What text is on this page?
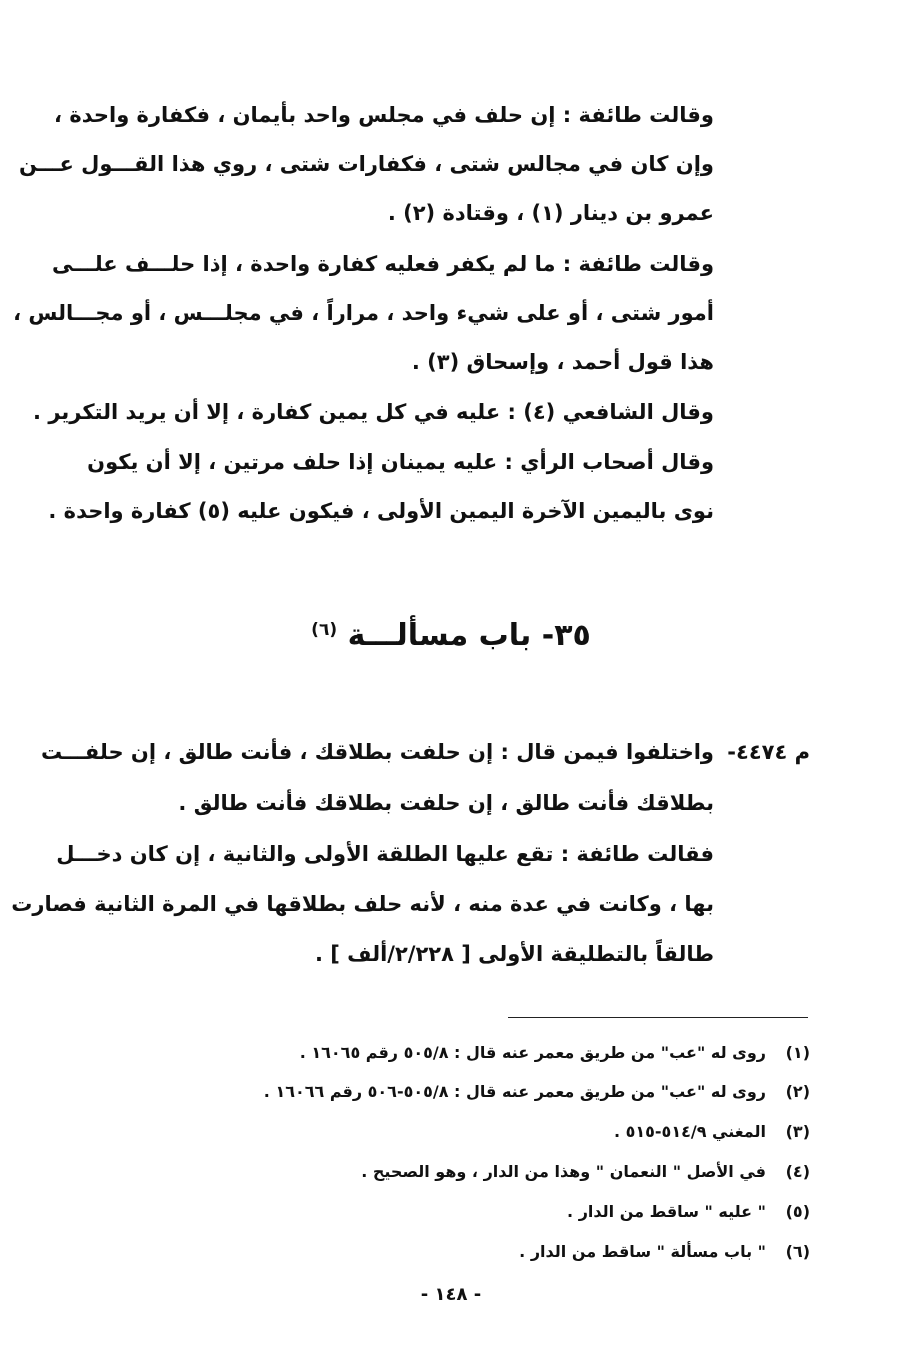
وقالت طائفة : إن حلف في مجلس واحد بأيمان ، فكفارة واحدة ،
وإن كان في مجالس شتى ، فكفارات شتى ، روي هذا القـــول عـــن
عمرو بن دينار (١) ، وقتادة (٢) .
وقالت طائفة : ما لم يكفر فعليه كفارة واحدة ، إذا حلـــف علـــى
أمور شتى ، أو على شيء واحد ، مراراً ، في مجلـــس ، أو مجـــالس ،
هذا قول أحمد ، وإسحاق (٣) .
وقال الشافعي (٤) : عليه في كل يمين كفارة ، إلا أن يريد التكرير .
وقال أصحاب الرأي : عليه يمينان إذا حلف مرتين ، إلا أن يكون
نوى باليمين الآخرة اليمين الأولى ، فيكون عليه (٥) كفارة واحدة .
٣٥- باب مسألـــة $^{(٦)}$
م ٤٤٧٤-
واختلفوا فيمن قال : إن حلفت بطلاقك ، فأنت طالق ، إن حلفـــت
بطلاقك فأنت طالق ، إن حلفت بطلاقك فأنت طالق .
فقالت طائفة : تقع عليها الطلقة الأولى والثانية ، إن كان دخـــل
بها ، وكانت في عدة منه ، لأنه حلف بطلاقها في المرة الثانية فصارت
طالقاً بالتطليقة الأولى [ ٢/٢٢٨/ألف ] .
(١)روى له "عب" من طريق معمر عنه قال : ٥٠٥/٨ رقم ١٦٠٦٥ .
(٢)روى له "عب" من طريق معمر عنه قال : ٥٠٥/٨-٥٠٦ رقم ١٦٠٦٦ .
(٣)المغني ٥١٤/٩-٥١٥ .
(٤)في الأصل " النعمان " وهذا من الدار ، وهو الصحيح .
(٥)" عليه " ساقط من الدار .
(٦)" باب مسألة " ساقط من الدار .
- ١٤٨ -
